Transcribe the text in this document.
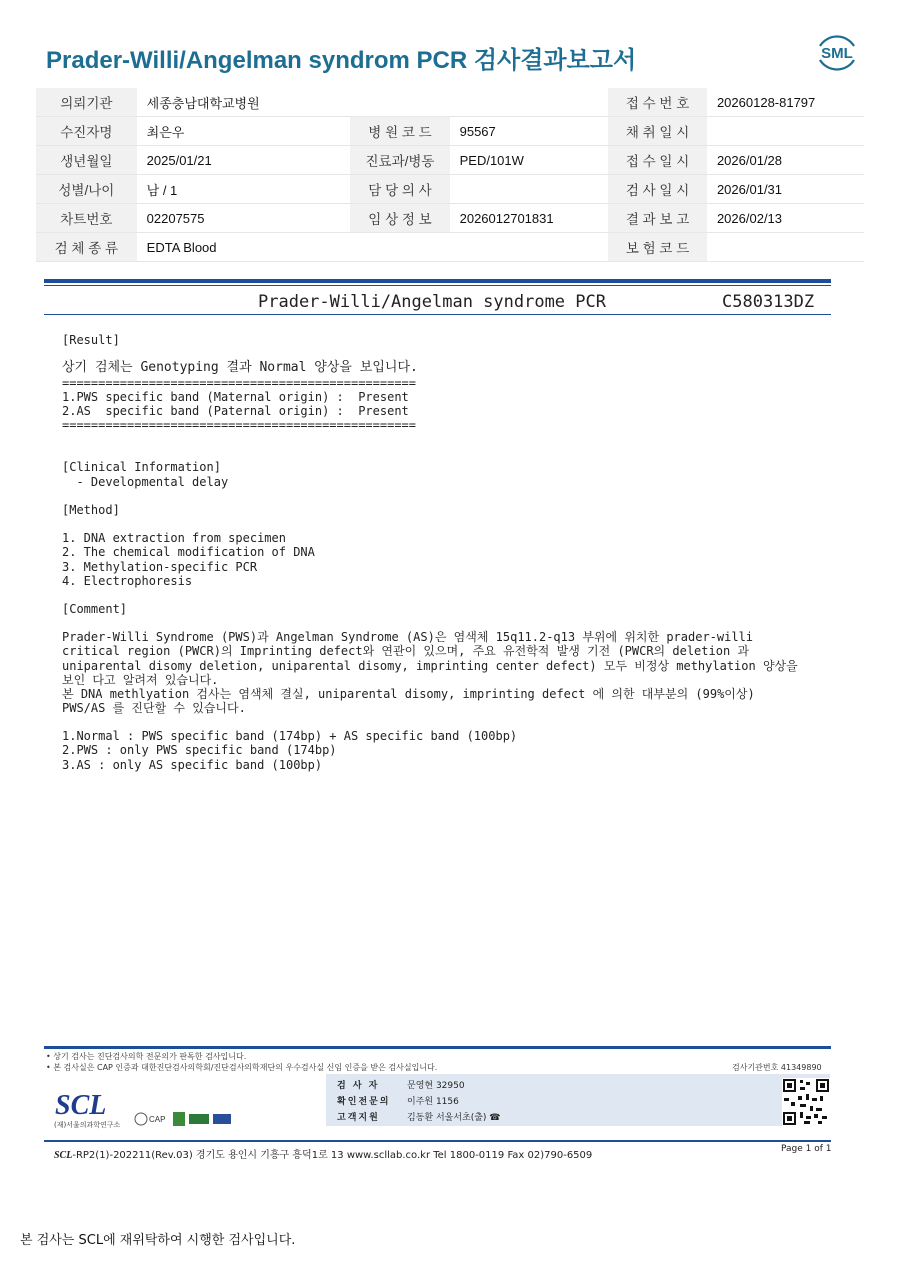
Prader-Willi/Angelman syndrom PCR 검사결과보고서	SML
의뢰기관	세종충남대학교병원			접 수 번 호	20260128-81797
수진자명	최은우	병 원 코 드	95567	채 취 일 시	
생년월일	2025/01/21	진료과/병동	PED/101W	접 수 일 시	2026/01/28
성별/나이	남 / 1	담 당 의 사		검 사 일 시	2026/01/31
차트번호	02207575	임 상 정 보	2026012701831	결 과 보 고	2026/02/13
검 체 종 류	EDTA Blood			보 험 코 드	
Prader-Willi/Angelman syndrome PCR	C580313DZ
[Result]
상기 검체는 Genotyping 결과 Normal 양상을 보입니다.
=================================================
1.PWS specific band (Maternal origin) :  Present
2.AS  specific band (Paternal origin) :  Present
=================================================
[Clinical Information]
- Developmental delay
[Method]
1. DNA extraction from specimen
2. The chemical modification of DNA
3. Methylation-specific PCR
4. Electrophoresis
[Comment]
Prader-Willi Syndrome (PWS)과 Angelman Syndrome (AS)은 염색체 15q11.2-q13 부위에 위치한 prader-willi
critical region (PWCR)의 Imprinting defect와 연관이 있으며, 주요 유전학적 발생 기전 (PWCR의 deletion 과
uniparental disomy deletion, uniparental disomy, imprinting center defect) 모두 비정상 methylation 양상을
보인 다고 알려져 있습니다.
본 DNA methlyation 검사는 염색체 결실, uniparental disomy, imprinting defect 에 의한 대부분의 (99%이상)
PWS/AS 를 진단할 수 있습니다.
1.Normal : PWS specific band (174bp) + AS specific band (100bp)
2.PWS : only PWS specific band (174bp)
3.AS : only AS specific band (100bp)
• 상기 검사는 진단검사의학 전문의가 판독한 검사입니다.
• 본 검사실은 CAP 인증과 대한진단검사의학회/진단검사의학재단의 우수검사실 신임 인증을 받은 검사실입니다.	검사기관번호 41349890
검 사 자	문영현 32950
확인전문의 이주원 1156
고객지원	김동환 서울서초(출) ☎
SCL
(재)서울의과학연구소
CAP
SCL-RP2(1)-202211(Rev.03) 경기도 용인시 기흥구 흥덕1로 13 www.scllab.co.kr Tel 1800-0119 Fax 02)790-6509
Page 1 of 1
본 검사는 SCL에 재위탁하여 시행한 검사입니다.
